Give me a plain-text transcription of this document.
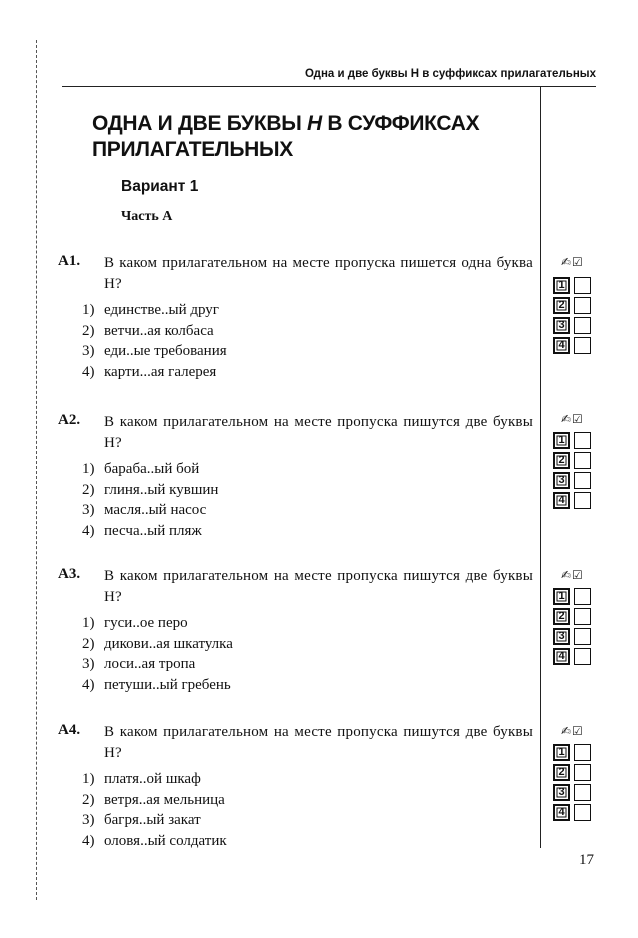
Одна и две буквы Н в суффиксах прилагательных
ОДНА И ДВЕ БУКВЫ Н В СУФФИКСАХ
ПРИЛАГАТЕЛЬНЫХ
Вариант 1
Часть А
А1. В каком прилагательном на месте пропуска пишется одна буква Н?

1) единстве..ый друг
2) ветчи..ая колбаса
3) еди..ые требования
4) карти...ая галерея
✍☑
1
2
3
4
А2. В каком прилагательном на месте пропуска пишутся две буквы Н?

1) бараба..ый бой
2) глиня..ый кувшин
3) масля..ый насос
4) песча..ый пляж
✍☑
1
2
3
4
А3. В каком прилагательном на месте пропуска пишутся две буквы Н?

1) гуси..ое перо
2) дикови..ая шкатулка
3) лоси..ая тропа
4) петуши..ый гребень
✍☑
1
2
3
4
А4. В каком прилагательном на месте пропуска пишутся две буквы Н?

1) платя..ой шкаф
2) ветря..ая мельница
3) багря..ый закат
4) оловя..ый солдатик
✍☑
1
2
3
4
17
